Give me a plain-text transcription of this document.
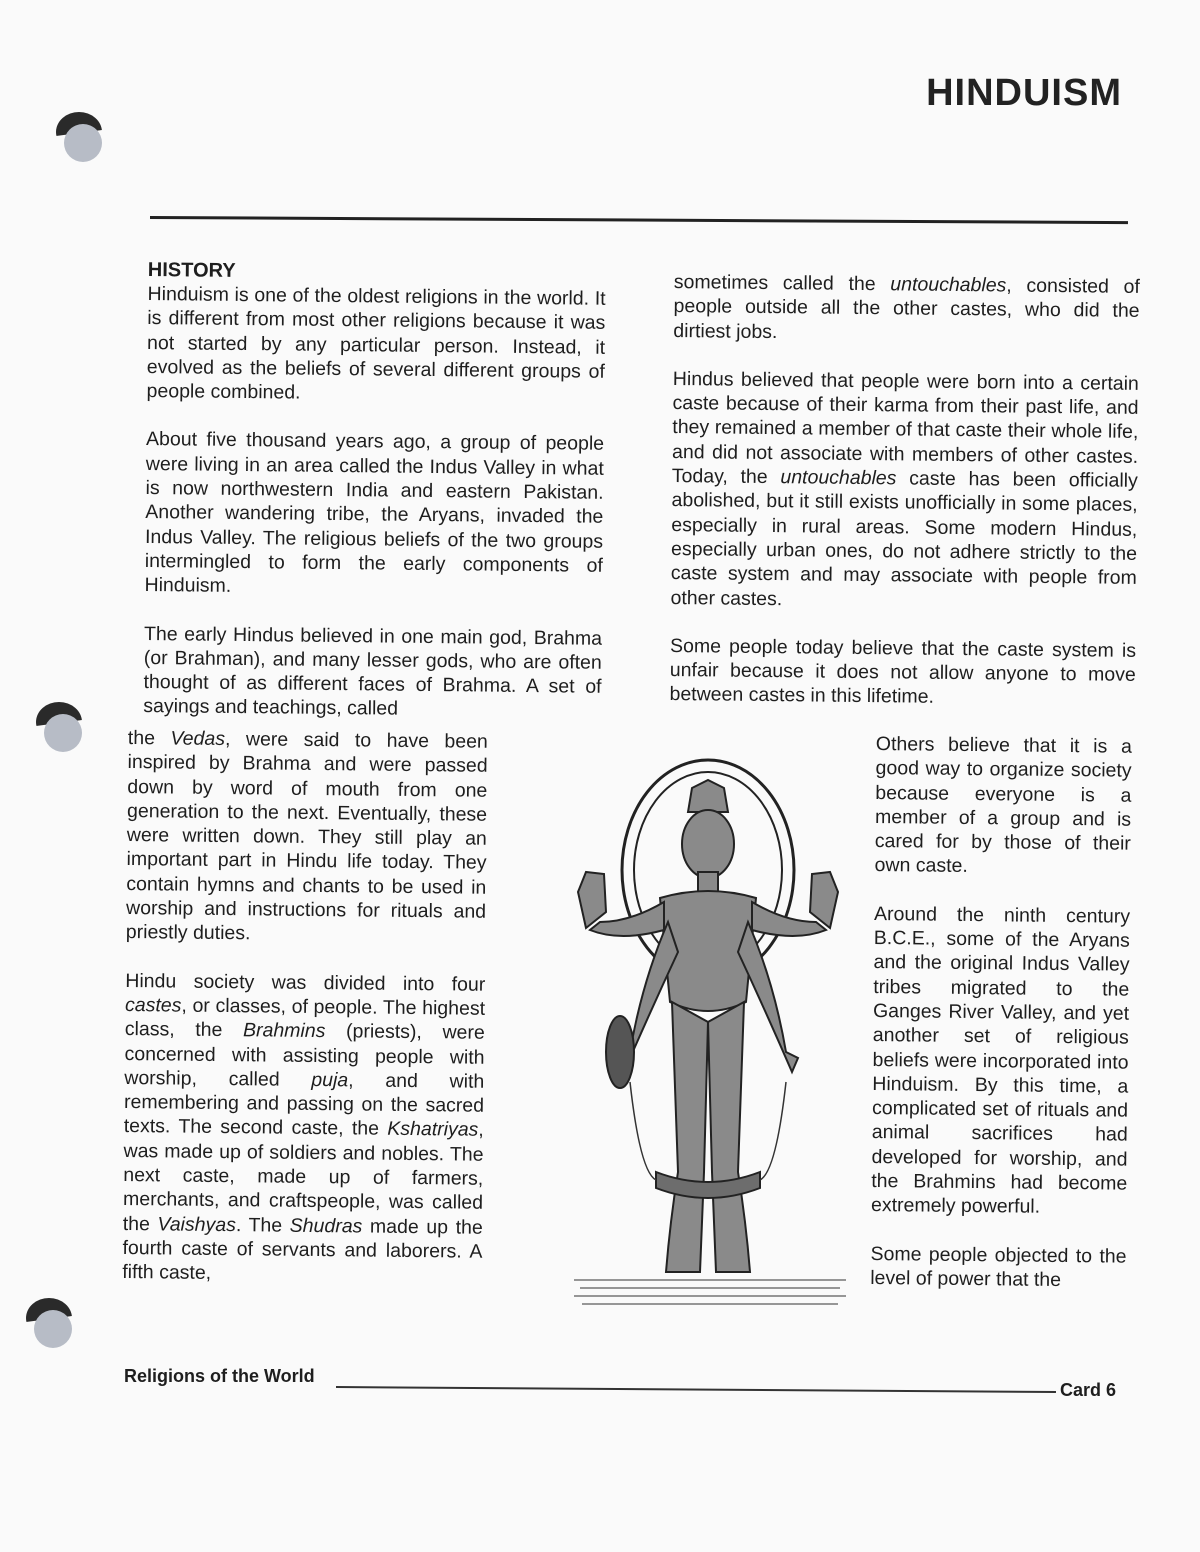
HINDUISM
HISTORY

Hinduism is one of the oldest religions in the world. It is different from most other religions because it was not started by any particular person. Instead, it evolved as the beliefs of several different groups of people combined.

About five thousand years ago, a group of people were living in an area called the Indus Valley in what is now northwestern India and eastern Pakistan. Another wandering tribe, the Aryans, invaded the Indus Valley. The religious beliefs of the two groups intermingled to form the early components of Hinduism.

The early Hindus believed in one main god, Brahma (or Brahman), and many lesser gods, who are often thought of as different faces of Brahma. A set of sayings and teachings, called

the Vedas, were said to have been inspired by Brahma and were passed down by word of mouth from one generation to the next. Eventually, these were written down. They still play an important part in Hindu life today. They contain hymns and chants to be used in worship and instructions for rituals and priestly duties.

Hindu society was divided into four castes, or classes, of people. The highest class, the Brahmins (priests), were concerned with assisting people with worship, called puja, and with remembering and passing on the sacred texts. The second caste, the Kshatriyas, was made up of soldiers and nobles. The next caste, made up of farmers, merchants, and craftspeople, was called the Vaishyas. The Shudras made up the fourth caste of servants and laborers. A fifth caste,

sometimes called the untouchables, consisted of people outside all the other castes, who did the dirtiest jobs.

Hindus believed that people were born into a certain caste because of their karma from their past life, and they remained a member of that caste their whole life, and did not associate with members of other castes. Today, the untouchables caste has been officially abolished, but it still exists unofficially in some places, especially in rural areas. Some modern Hindus, especially urban ones, do not adhere strictly to the caste system and may associate with people from other castes.

Some people today believe that the caste system is unfair because it does not allow anyone to move between castes in this lifetime.

Others believe that it is a good way to organize society because everyone is a member of a group and is cared for by those of their own caste.

Around the ninth century B.C.E., some of the Aryans and the original Indus Valley tribes migrated to the Ganges River Valley, and yet another set of religious beliefs were incorporated into Hinduism. By this time, a complicated set of rituals and animal sacrifices had developed for worship, and the Brahmins had become extremely powerful.

Some people objected to the level of power that the

Religions of the World
Card 6
